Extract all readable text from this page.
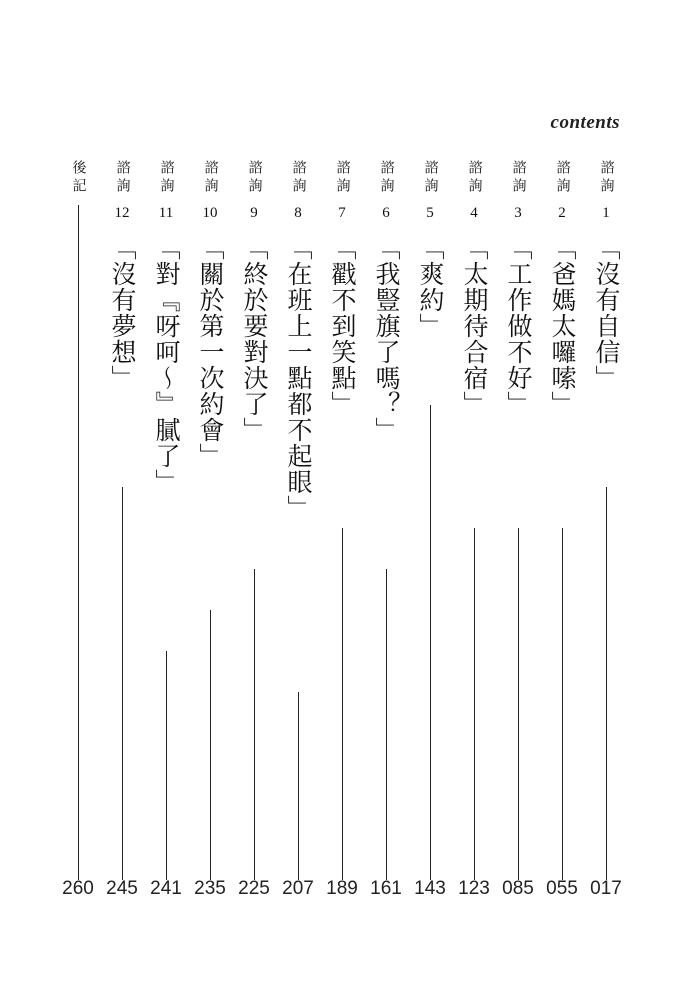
contents
諮詢
1
「沒有自信」
017
諮詢
2
「爸媽太囉嗦」
055
諮詢
3
「工作做不好」
085
諮詢
4
「太期待合宿」
123
諮詢
5
「爽約」
143
諮詢
6
「我豎旗了嗎？」
161
諮詢
7
「戳不到笑點」
189
諮詢
8
「在班上一點都不起眼」
207
諮詢
9
「終於要對決了」
225
諮詢
10
「關於第一次約會」
235
諮詢
11
「對『呀呵～』膩了」
241
諮詢
12
「沒有夢想」
245
後記
260
